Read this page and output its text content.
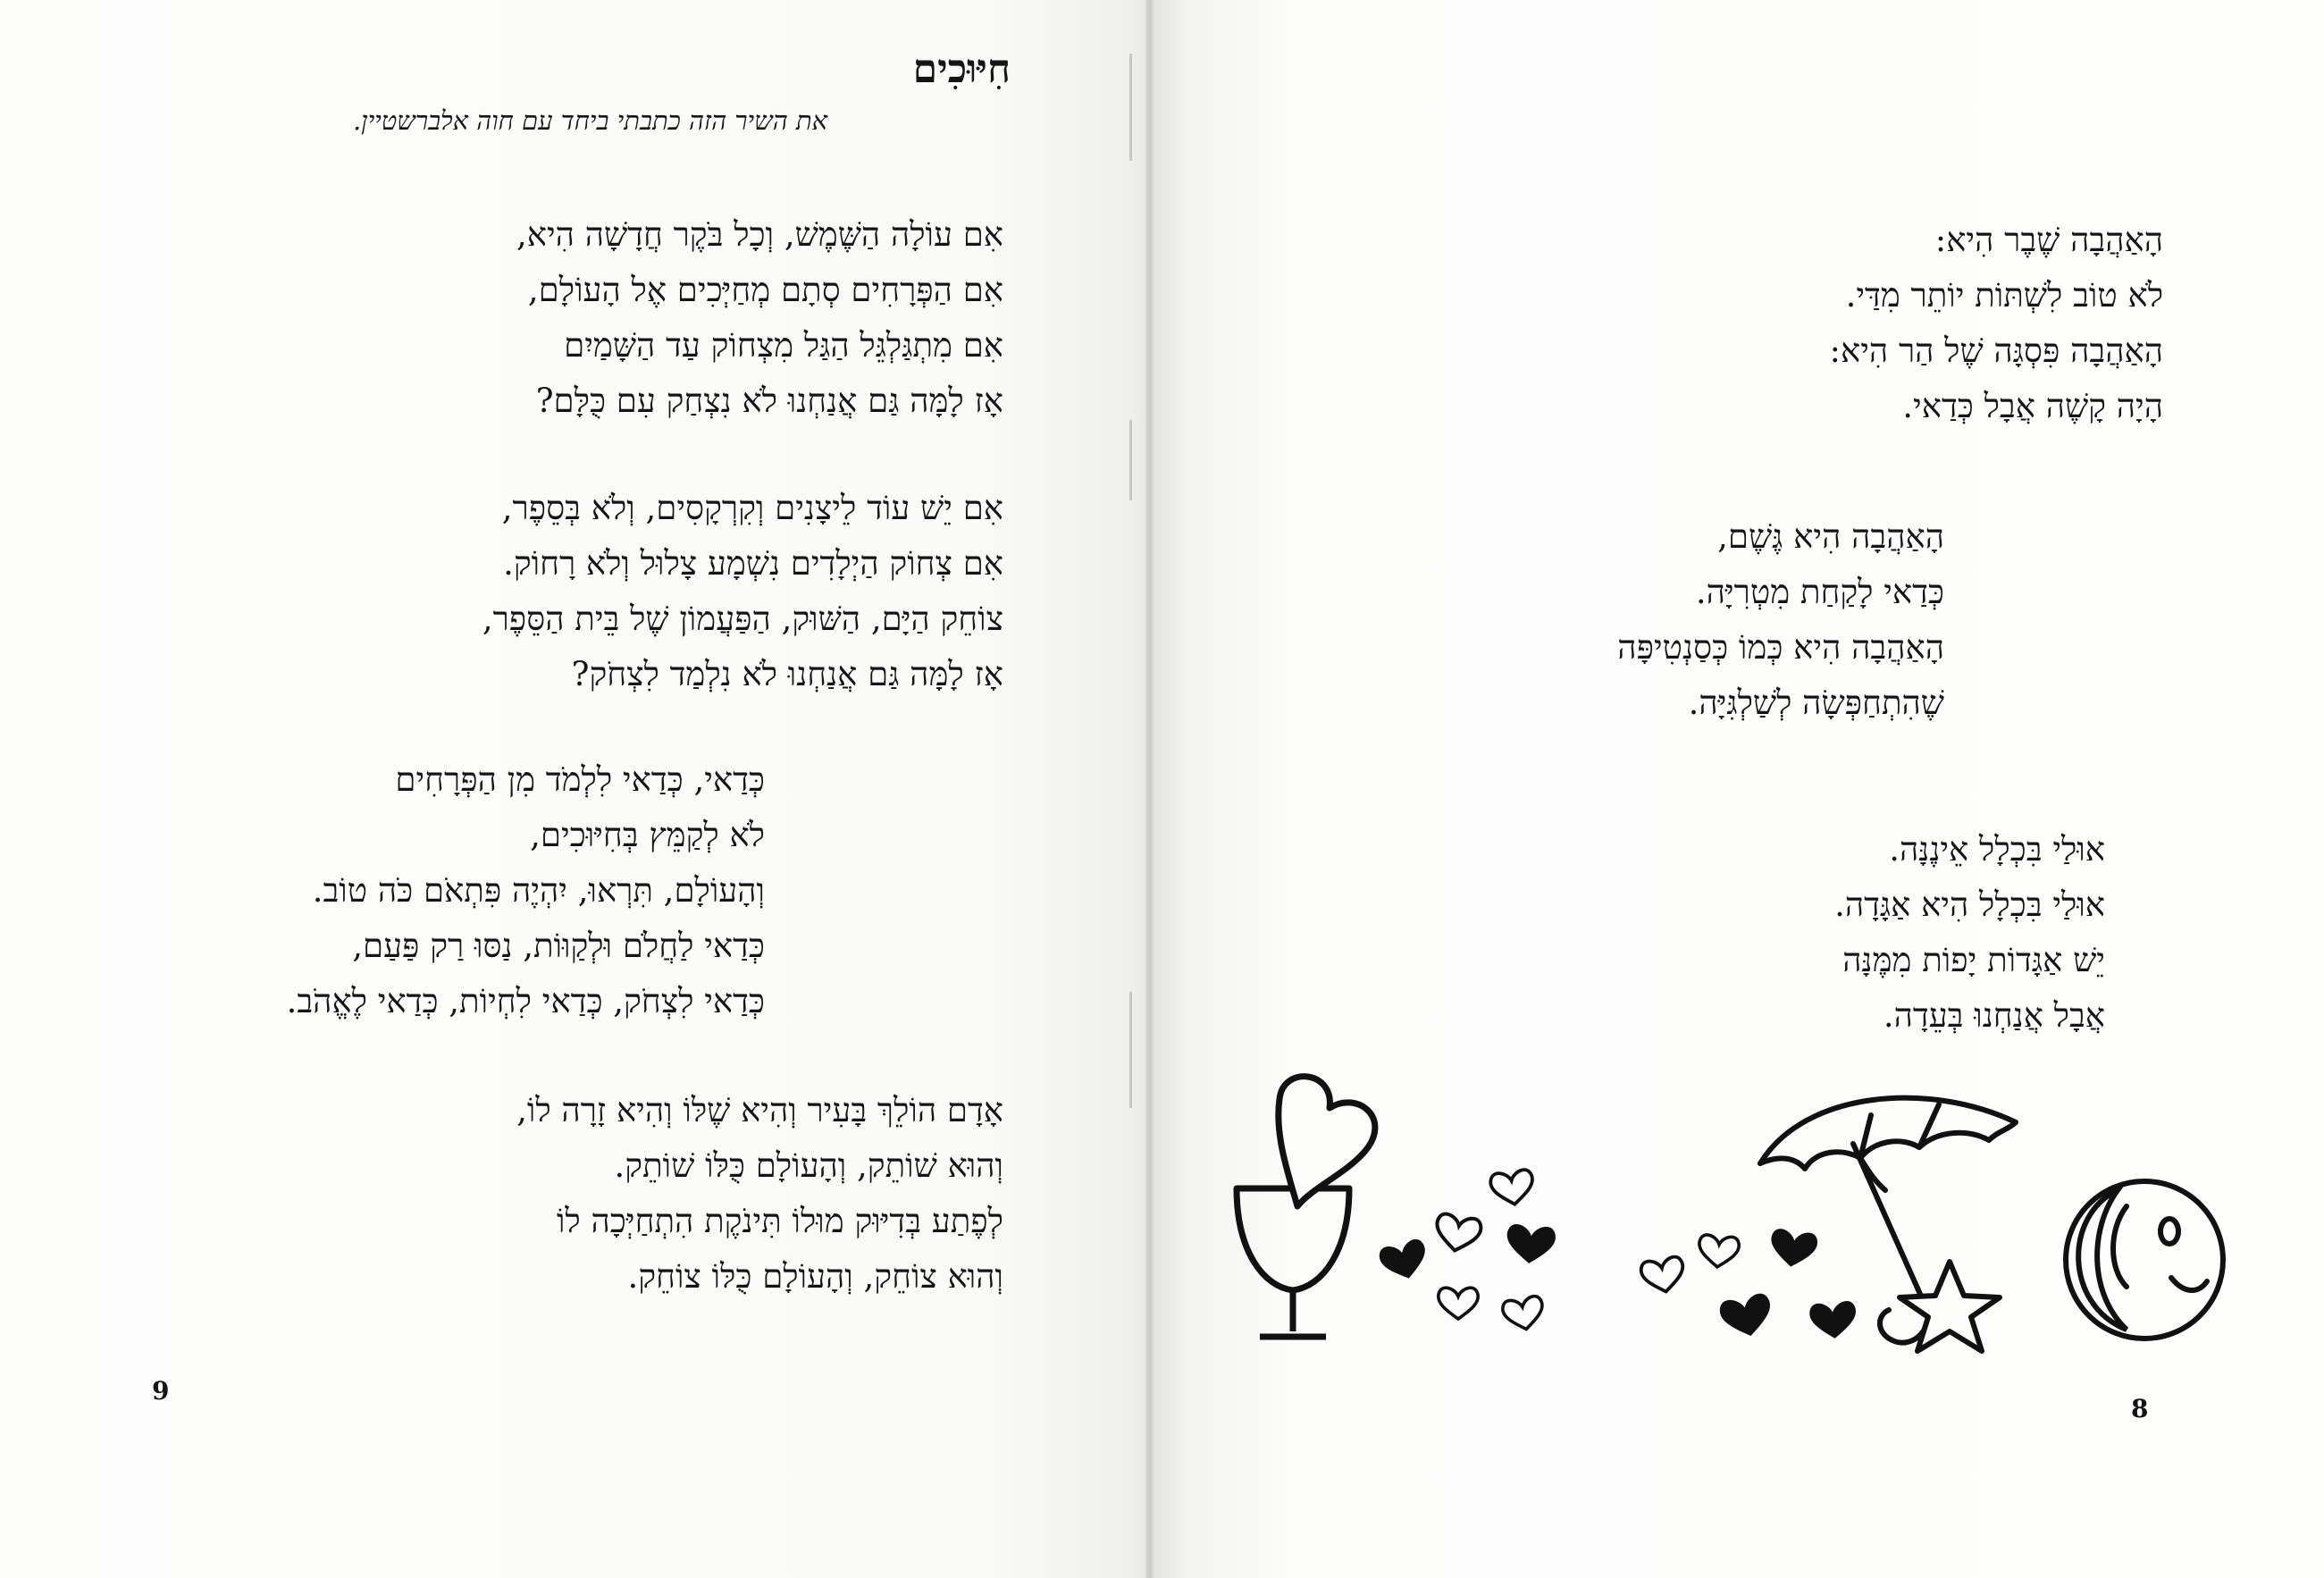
חִיּוּכִים
את השיר הזה כתבתי ביחד עם חוה אלברשטיין.
אִם עוֹלָה הַשֶּׁמֶשׁ, וְכָל בֹּקֶר חֲדָשָׁה הִיא,
אִם הַפְּרָחִים סְתָם מְחַיְּכִים אֶל הָעוֹלָם,
אִם מִתְגַּלְגֵּל הַגַּל מִצְחוֹק עַד הַשָּׁמַיִם
אָז לָמָּה גַּם אֲנַחְנוּ לֹא נִצְחַק עִם כֻּלָּם?
אִם יֵשׁ עוֹד לֵיצָנִים וְקִרְקָסִים, וְלֹא בְּסֵפֶר,
אִם צְחוֹק הַיְלָדִים נִשְׁמָע צָלוּל וְלֹא רָחוֹק.
צוֹחֵק הַיָּם, הַשּׁוּק, הַפַּעֲמוֹן שֶׁל בֵּית הַסֵּפֶר,
אָז לָמָּה גַּם אֲנַחְנוּ לֹא נִלְמַד לִצְחֹק?
כְּדַאי, כְּדַאי לִלְמֹד מִן הַפְּרָחִים
לֹא לְקַמֵּץ בְּחִיּוּכִים,
וְהָעוֹלָם, תִּרְאוּ, יִהְיֶה פִּתְאֹם כֹּה טוֹב.
כְּדַאי לַחֲלֹם וּלְקַוּוֹת, נַסּוּ רַק פַּעַם,
כְּדַאי לִצְחֹק, כְּדַאי לִחְיוֹת, כְּדַאי לֶאֱהֹב.
אָדָם הוֹלֵךְ בָּעִיר וְהִיא שֶׁלּוֹ וְהִיא זָרָה לוֹ,
וְהוּא שׁוֹתֵק, וְהָעוֹלָם כֻּלּוֹ שׁוֹתֵק.
לְפֶתַע בְּדִיּוּק מוּלוֹ תִּינֹקֶת הִתְחַיְּכָה לוֹ
וְהוּא צוֹחֵק, וְהָעוֹלָם כֻּלּוֹ צוֹחֵק.
9
הָאַהֲבָה שֶׁבֶר הִיא:
לֹא טוֹב לִשְׁתּוֹת יוֹתֵר מִדַּי.
הָאַהֲבָה פִּסְגָּה שֶׁל הַר הִיא:
הָיָה קָשֶׁה אֲבָל כְּדַאי.
הָאַהֲבָה הִיא גֶּשֶׁם,
כְּדַאי לָקַחַת מִטְרִיָּה.
הָאַהֲבָה הִיא כְּמוֹ כְּסַנְטִיפָּה
שֶׁהִתְחַפְּשָׂה לְשַׁלְגִּיָּה.
אוּלַי בִּכְלָל אֵינֶנָּה.
אוּלַי בִּכְלָל הִיא אַגָּדָה.
יֵשׁ אַגָּדוֹת יָפוֹת מִמֶּנָּה
אֲבָל אֲנַחְנוּ בְּעֵדָה.
8
